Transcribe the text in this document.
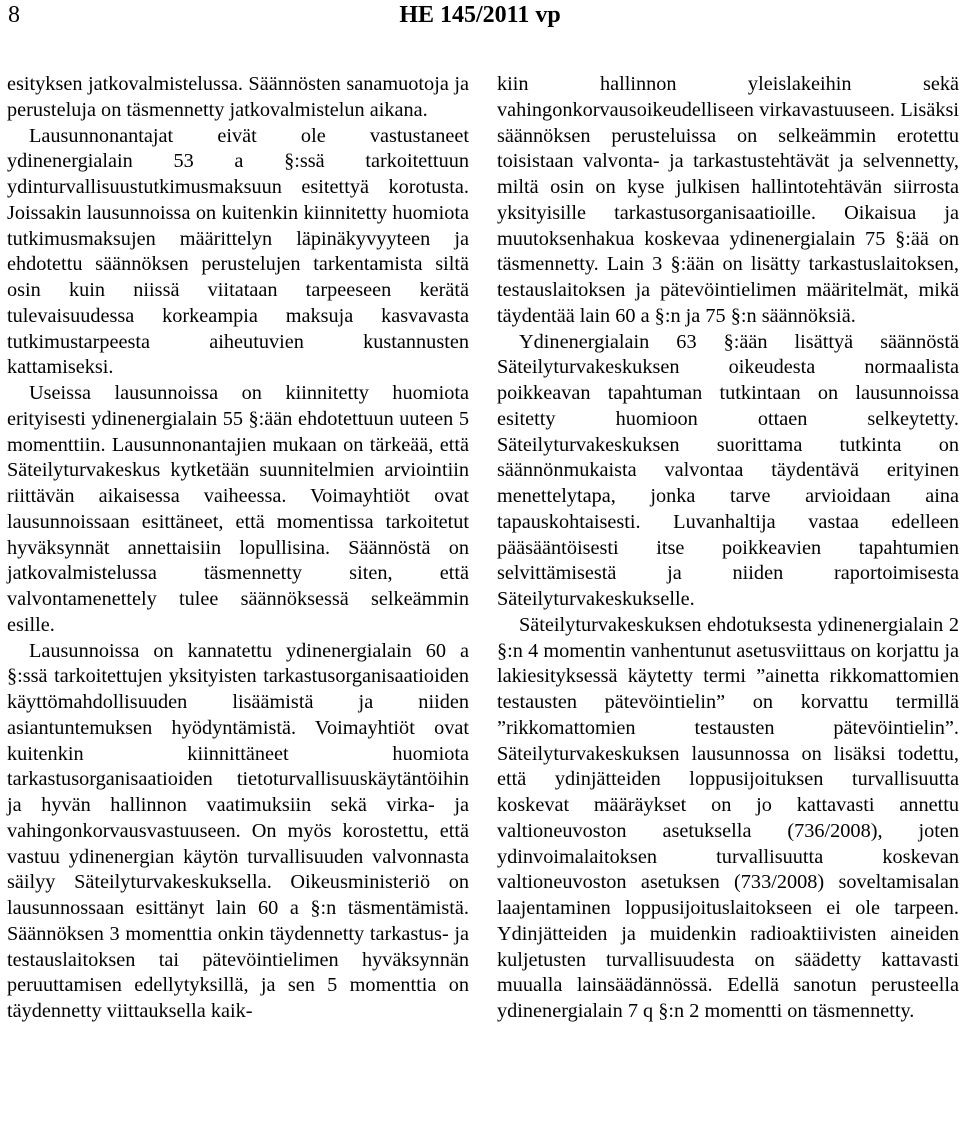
8	HE 145/2011 vp

esityksen jatkovalmistelussa. Säännösten sanamuotoja ja perusteluja on täsmennetty jatkovalmistelun aikana.

Lausunnonantajat eivät ole vastustaneet ydinenergialain 53 a §:ssä tarkoitettuun ydinturvallisuustutkimusmaksuun esitettyä korotusta. Joissakin lausunnoissa on kuitenkin kiinnitetty huomiota tutkimusmaksujen määrittelyn läpinäkyvyyteen ja ehdotettu säännöksen perustelujen tarkentamista siltä osin kuin niissä viitataan tarpeeseen kerätä tulevaisuudessa korkeampia maksuja kasvavasta tutkimustarpeesta aiheutuvien kustannusten kattamiseksi.

Useissa lausunnoissa on kiinnitetty huomiota erityisesti ydinenergialain 55 §:ään ehdotettuun uuteen 5 momenttiin. Lausunnonantajien mukaan on tärkeää, että Säteilyturvakeskus kytketään suunnitelmien arviointiin riittävän aikaisessa vaiheessa. Voimayhtiöt ovat lausunnoissaan esittäneet, että momentissa tarkoitetut hyväksynnät annettaisiin lopullisina. Säännöstä on jatkovalmistelussa täsmennetty siten, että valvontamenettely tulee säännöksessä selkeämmin esille.

Lausunnoissa on kannatettu ydinenergialain 60 a §:ssä tarkoitettujen yksityisten tarkastusorganisaatioiden käyttömahdollisuuden lisäämistä ja niiden asiantuntemuksen hyödyntämistä. Voimayhtiöt ovat kuitenkin kiinnittäneet huomiota tarkastusorganisaatioiden tietoturvallisuuskäytäntöihin ja hyvän hallinnon vaatimuksiin sekä virka- ja vahingonkorvausvastuuseen. On myös korostettu, että vastuu ydinenergian käytön turvallisuuden valvonnasta säilyy Säteilyturvakeskuksella. Oikeusministeriö on lausunnossaan esittänyt lain 60 a §:n täsmentämistä. Säännöksen 3 momenttia onkin täydennetty tarkastus- ja testauslaitoksen tai pätevöintielimen hyväksynnän peruuttamisen edellytyksillä, ja sen 5 momenttia on täydennetty viittauksella kaik-

kiin hallinnon yleislakeihin sekä vahingonkorvausoikeudelliseen virkavastuuseen. Lisäksi säännöksen perusteluissa on selkeämmin erotettu toisistaan valvonta- ja tarkastustehtävät ja selvennetty, miltä osin on kyse julkisen hallintotehtävän siirrosta yksityisille tarkastusorganisaatioille. Oikaisua ja muutoksenhakua koskevaa ydinenergialain 75 §:ää on täsmennetty. Lain 3 §:ään on lisätty tarkastuslaitoksen, testauslaitoksen ja pätevöintielimen määritelmät, mikä täydentää lain 60 a §:n ja 75 §:n säännöksiä.

Ydinenergialain 63 §:ään lisättyä säännöstä Säteilyturvakeskuksen oikeudesta normaalista poikkeavan tapahtuman tutkintaan on lausunnoissa esitetty huomioon ottaen selkeytetty. Säteilyturvakeskuksen suorittama tutkinta on säännönmukaista valvontaa täydentävä erityinen menettelytapa, jonka tarve arvioidaan aina tapauskohtaisesti. Luvanhaltija vastaa edelleen pääsääntöisesti itse poikkeavien tapahtumien selvittämisestä ja niiden raportoimisesta Säteilyturvakeskukselle.

Säteilyturvakeskuksen ehdotuksesta ydinenergialain 2 §:n 4 momentin vanhentunut asetusviittaus on korjattu ja lakiesityksessä käytetty termi ”ainetta rikkomattomien testausten pätevöintielin” on korvattu termillä ”rikkomattomien testausten pätevöintielin”. Säteilyturvakeskuksen lausunnossa on lisäksi todettu, että ydinjätteiden loppusijoituksen turvallisuutta koskevat määräykset on jo kattavasti annettu valtioneuvoston asetuksella (736/2008), joten ydinvoimalaitoksen turvallisuutta koskevan valtioneuvoston asetuksen (733/2008) soveltamisalan laajentaminen loppusijoituslaitokseen ei ole tarpeen. Ydinjätteiden ja muidenkin radioaktiivisten aineiden kuljetusten turvallisuudesta on säädetty kattavasti muualla lainsäädännössä. Edellä sanotun perusteella ydinenergialain 7 q §:n 2 momentti on täsmennetty.
